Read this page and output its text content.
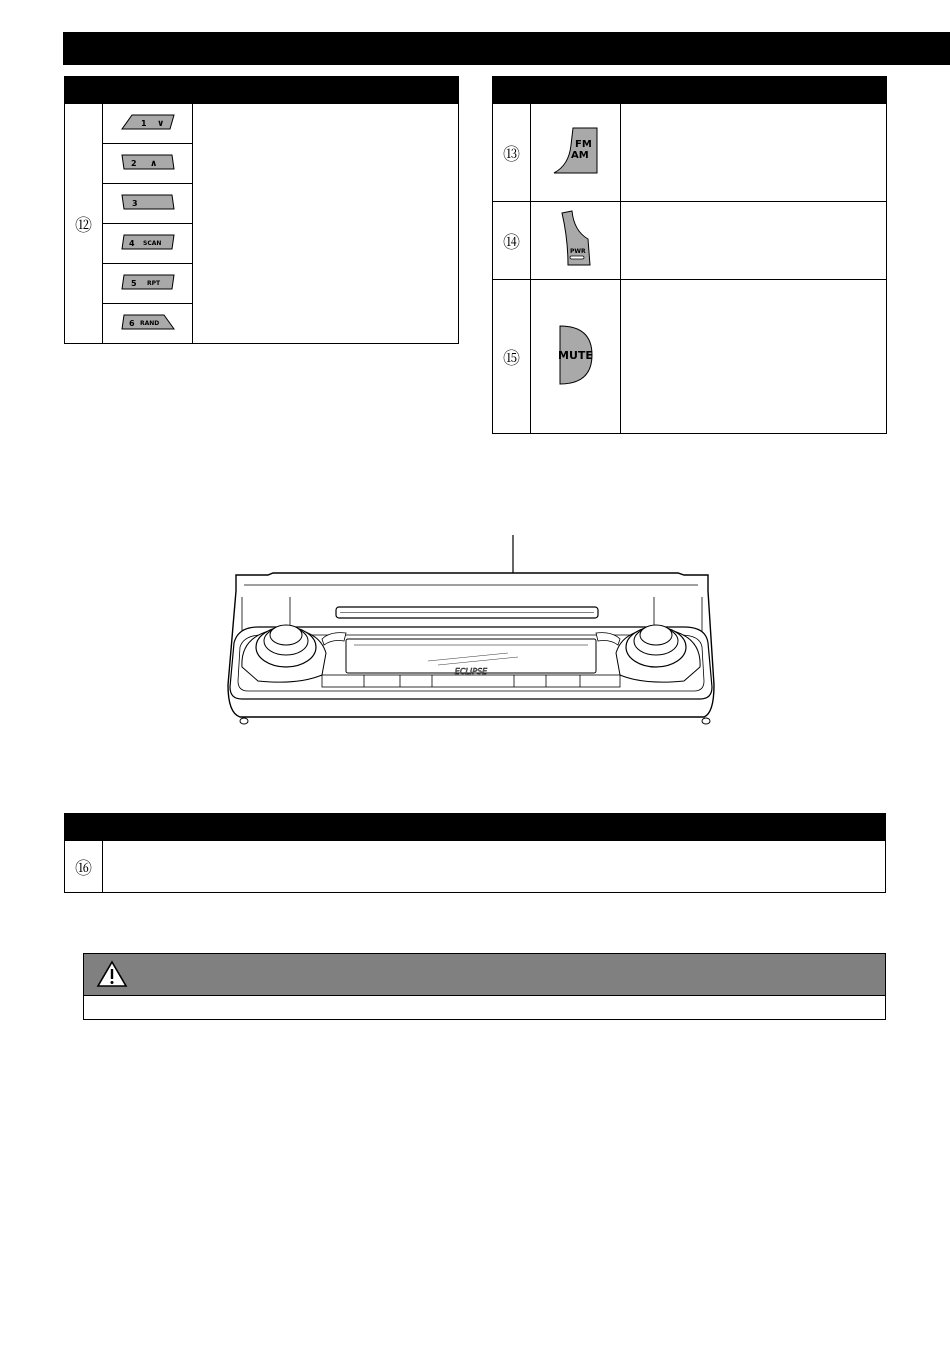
⑫	1 ∨	

2 ∧	

3	

4 SCAN	

5 RPT	

6 RAND	

⑬	FM
AM	

⑭	PWR	

⑮	MUTE	

ECLIPSE

⑯	
